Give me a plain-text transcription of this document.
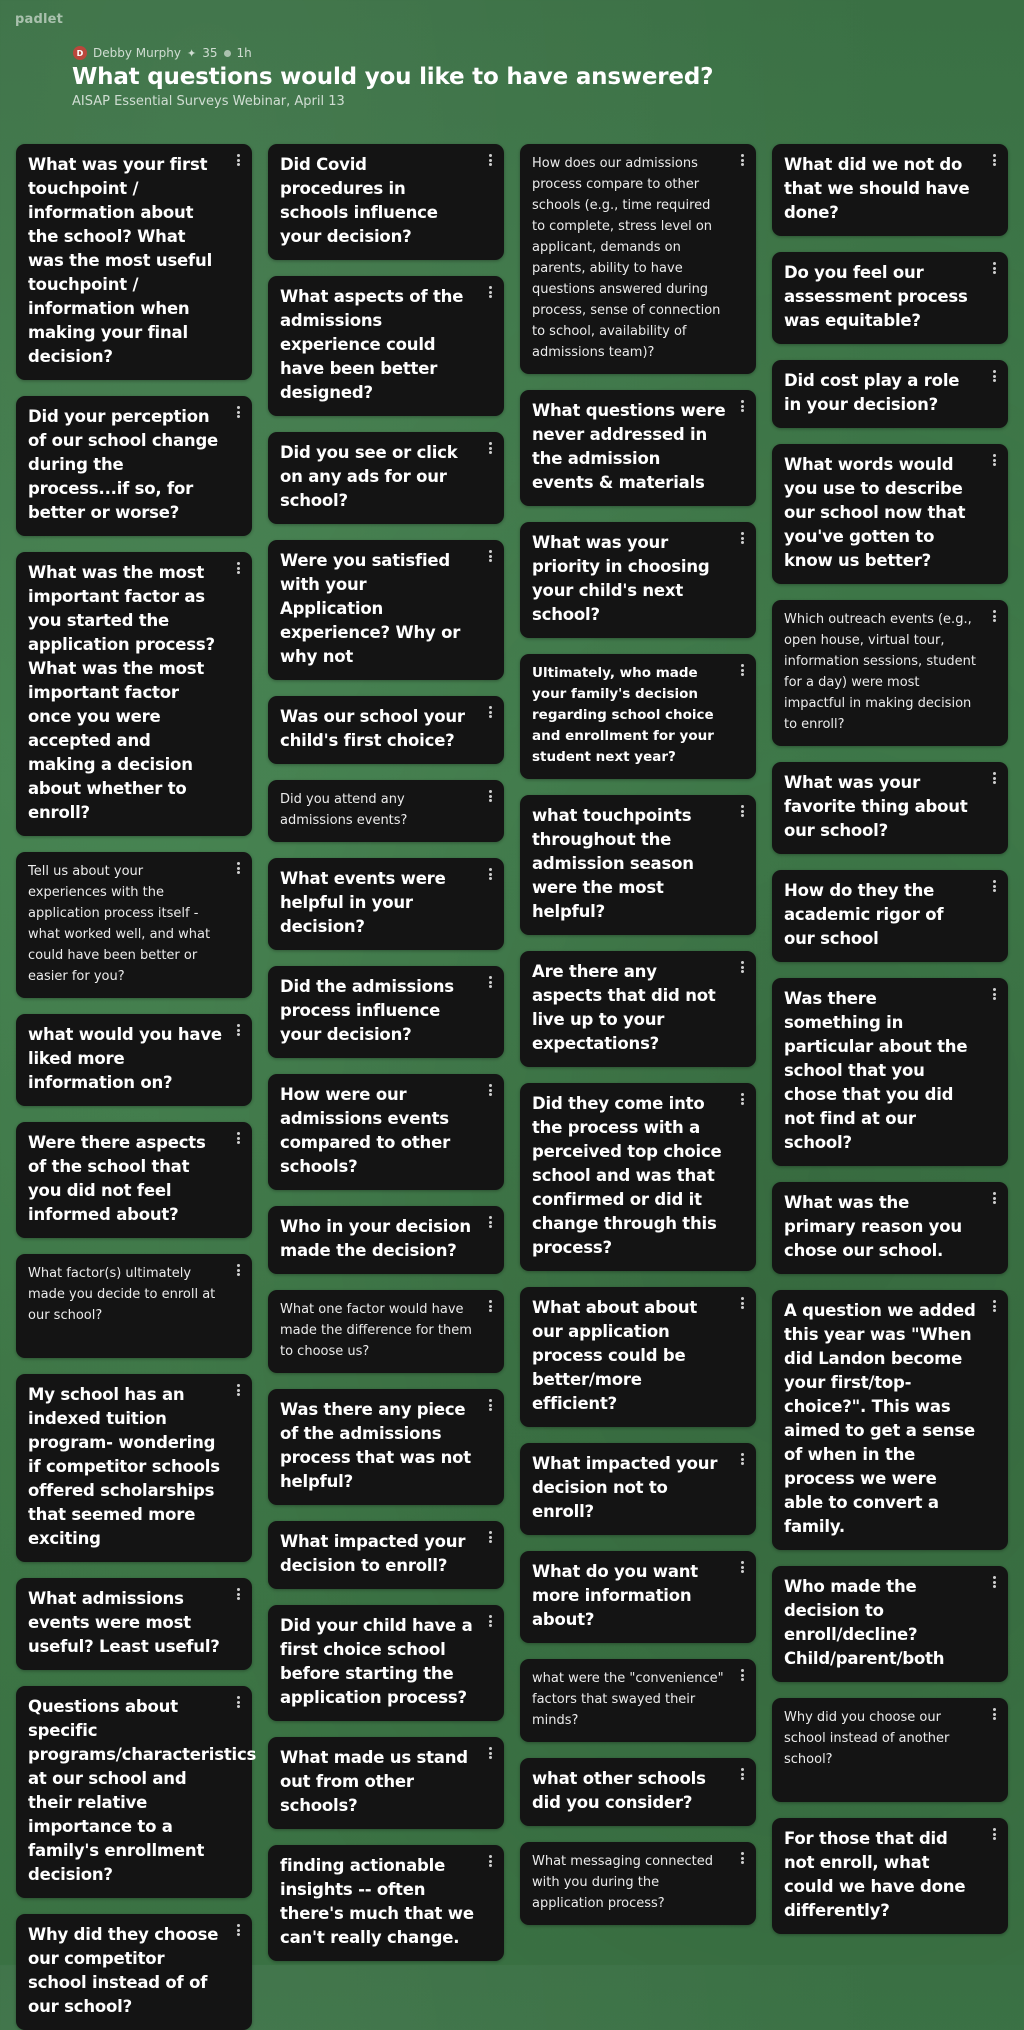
padlet
D Debby Murphy ✦ 35 1h
What questions would you like to have answered?
AISAP Essential Surveys Webinar, April 13
What was your first touchpoint / information about the school? What was the most useful touchpoint / information when making your final decision?
Did your perception of our school change during the process...if so, for better or worse?
What was the most important factor as you started the application process? What was the most important factor once you were accepted and making a decision about whether to enroll?
Tell us about your experiences with the application process itself - what worked well, and what could have been better or easier for you?
what would you have liked more information on?
Were there aspects of the school that you did not feel informed about?
What factor(s) ultimately made you decide to enroll at our school?
My school has an indexed tuition program- wondering if competitor schools offered scholarships that seemed more exciting
What admissions events were most useful? Least useful?
Questions about specific programs/characteristics at our school and their relative importance to a family's enrollment decision?
Why did they choose our competitor school instead of of our school?
Did Covid procedures in schools influence your decision?
What aspects of the admissions experience could have been better designed?
Did you see or click on any ads for our school?
Were you satisfied with your Application experience? Why or why not
Was our school your child's first choice?
Did you attend any admissions events?
What events were helpful in your decision?
Did the admissions process influence your decision?
How were our admissions events compared to other schools?
Who in your decision made the decision?
What one factor would have made the difference for them to choose us?
Was there any piece of the admissions process that was not helpful?
What impacted your decision to enroll?
Did your child have a first choice school before starting the application process?
What made us stand out from other schools?
finding actionable insights -- often there's much that we can't really change.
How does our admissions process compare to other schools (e.g., time required to complete, stress level on applicant, demands on parents, ability to have questions answered during process, sense of connection to school, availability of admissions team)?
What questions were never addressed in the admission events & materials
What was your priority in choosing your child's next school?
Ultimately, who made your family's decision regarding school choice and enrollment for your student next year?
what touchpoints throughout the admission season were the most helpful?
Are there any aspects that did not live up to your expectations?
Did they come into the process with a perceived top choice school and was that confirmed or did it change through this process?
What about about our application process could be better/more efficient?
What impacted your decision not to enroll?
What do you want more information about?
what were the "convenience" factors that swayed their minds?
what other schools did you consider?
What messaging connected with you during the application process?
What did we not do that we should have done?
Do you feel our assessment process was equitable?
Did cost play a role in your decision?
What words would you use to describe our school now that you've gotten to know us better?
Which outreach events (e.g., open house, virtual tour, information sessions, student for a day) were most impactful in making decision to enroll?
What was your favorite thing about our school?
How do they the academic rigor of our school
Was there something in particular about the school that you chose that you did not find at our school?
What was the primary reason you chose our school.
A question we added this year was "When did Landon become your first/top-choice?". This was aimed to get a sense of when in the process we were able to convert a family.
Who made the decision to enroll/decline? Child/parent/both
Why did you choose our school instead of another school?
For those that did not enroll, what could we have done differently?
